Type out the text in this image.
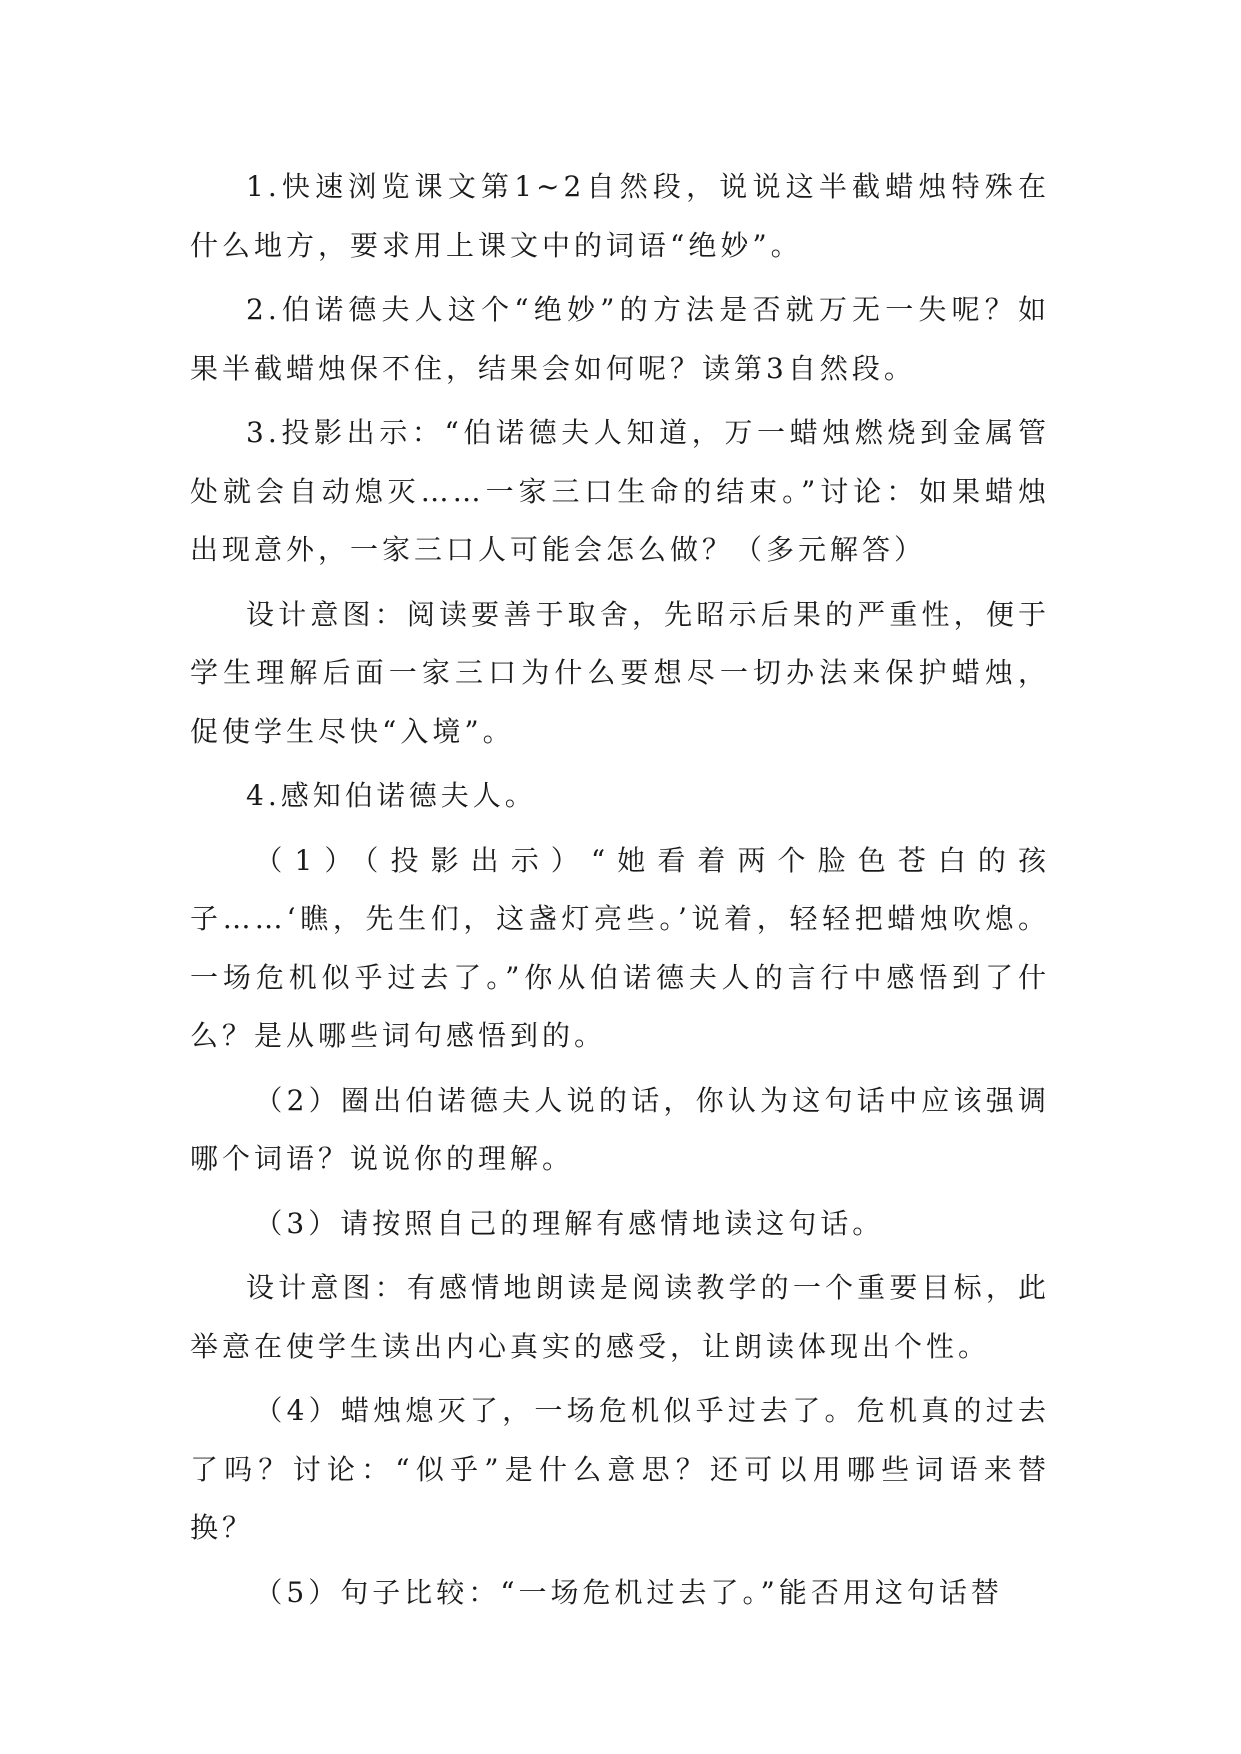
1.快速浏览课文第1~2自然段，说说这半截蜡烛特殊在什么地方，要求用上课文中的词语“绝妙”。

2.伯诺德夫人这个“绝妙”的方法是否就万无一失呢？如果半截蜡烛保不住，结果会如何呢？读第3自然段。

3.投影出示：“伯诺德夫人知道，万一蜡烛燃烧到金属管处就会自动熄灭……一家三口生命的结束。”讨论：如果蜡烛出现意外，一家三口人可能会怎么做？（多元解答）

设计意图：阅读要善于取舍，先昭示后果的严重性，便于学生理解后面一家三口为什么要想尽一切办法来保护蜡烛，促使学生尽快“入境”。

4.感知伯诺德夫人。

（1）（投影出示）“她看着两个脸色苍白的孩子……‘瞧，先生们，这盏灯亮些。’说着，轻轻把蜡烛吹熄。一场危机似乎过去了。”你从伯诺德夫人的言行中感悟到了什么？是从哪些词句感悟到的。

（2）圈出伯诺德夫人说的话，你认为这句话中应该强调哪个词语？说说你的理解。

（3）请按照自己的理解有感情地读这句话。

设计意图：有感情地朗读是阅读教学的一个重要目标，此举意在使学生读出内心真实的感受，让朗读体现出个性。

（4）蜡烛熄灭了，一场危机似乎过去了。危机真的过去了吗？讨论：“似乎”是什么意思？还可以用哪些词语来替换？

（5）句子比较：“一场危机过去了。”能否用这句话替
